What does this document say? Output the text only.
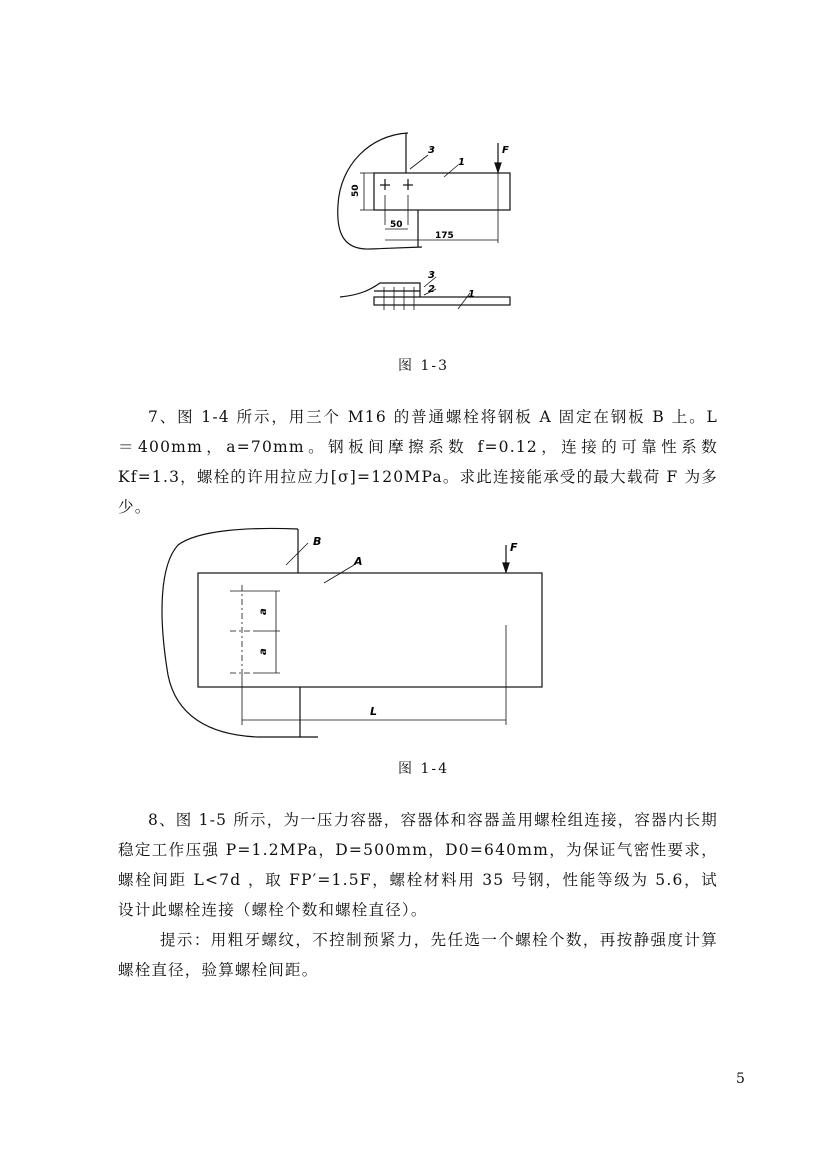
3
1
F
50
50
175
3
2	1
图 1-3

7、图 1-4 所示，用三个 M16 的普通螺栓将钢板 A 固定在钢板 B 上。L ＝400mm，a=70mm。钢板间摩擦系数 f=0.12，连接的可靠性系数 Kf=1.3，螺栓的许用拉应力[σ]=120MPa。求此连接能承受的最大载荷 F 为多少。

B
A
F
a
a
L
图 1-4

8、图 1-5 所示，为一压力容器，容器体和容器盖用螺栓组连接，容器内长期稳定工作压强 P=1.2MPa，D=500mm，D0=640mm，为保证气密性要求，螺栓间距 L<7d ，取 FP′=1.5F，螺栓材料用 35 号钢，性能等级为 5.6，试设计此螺栓连接（螺栓个数和螺栓直径）。

提示：用粗牙螺纹，不控制预紧力，先任选一个螺栓个数，再按静强度计算螺栓直径，验算螺栓间距。

5
